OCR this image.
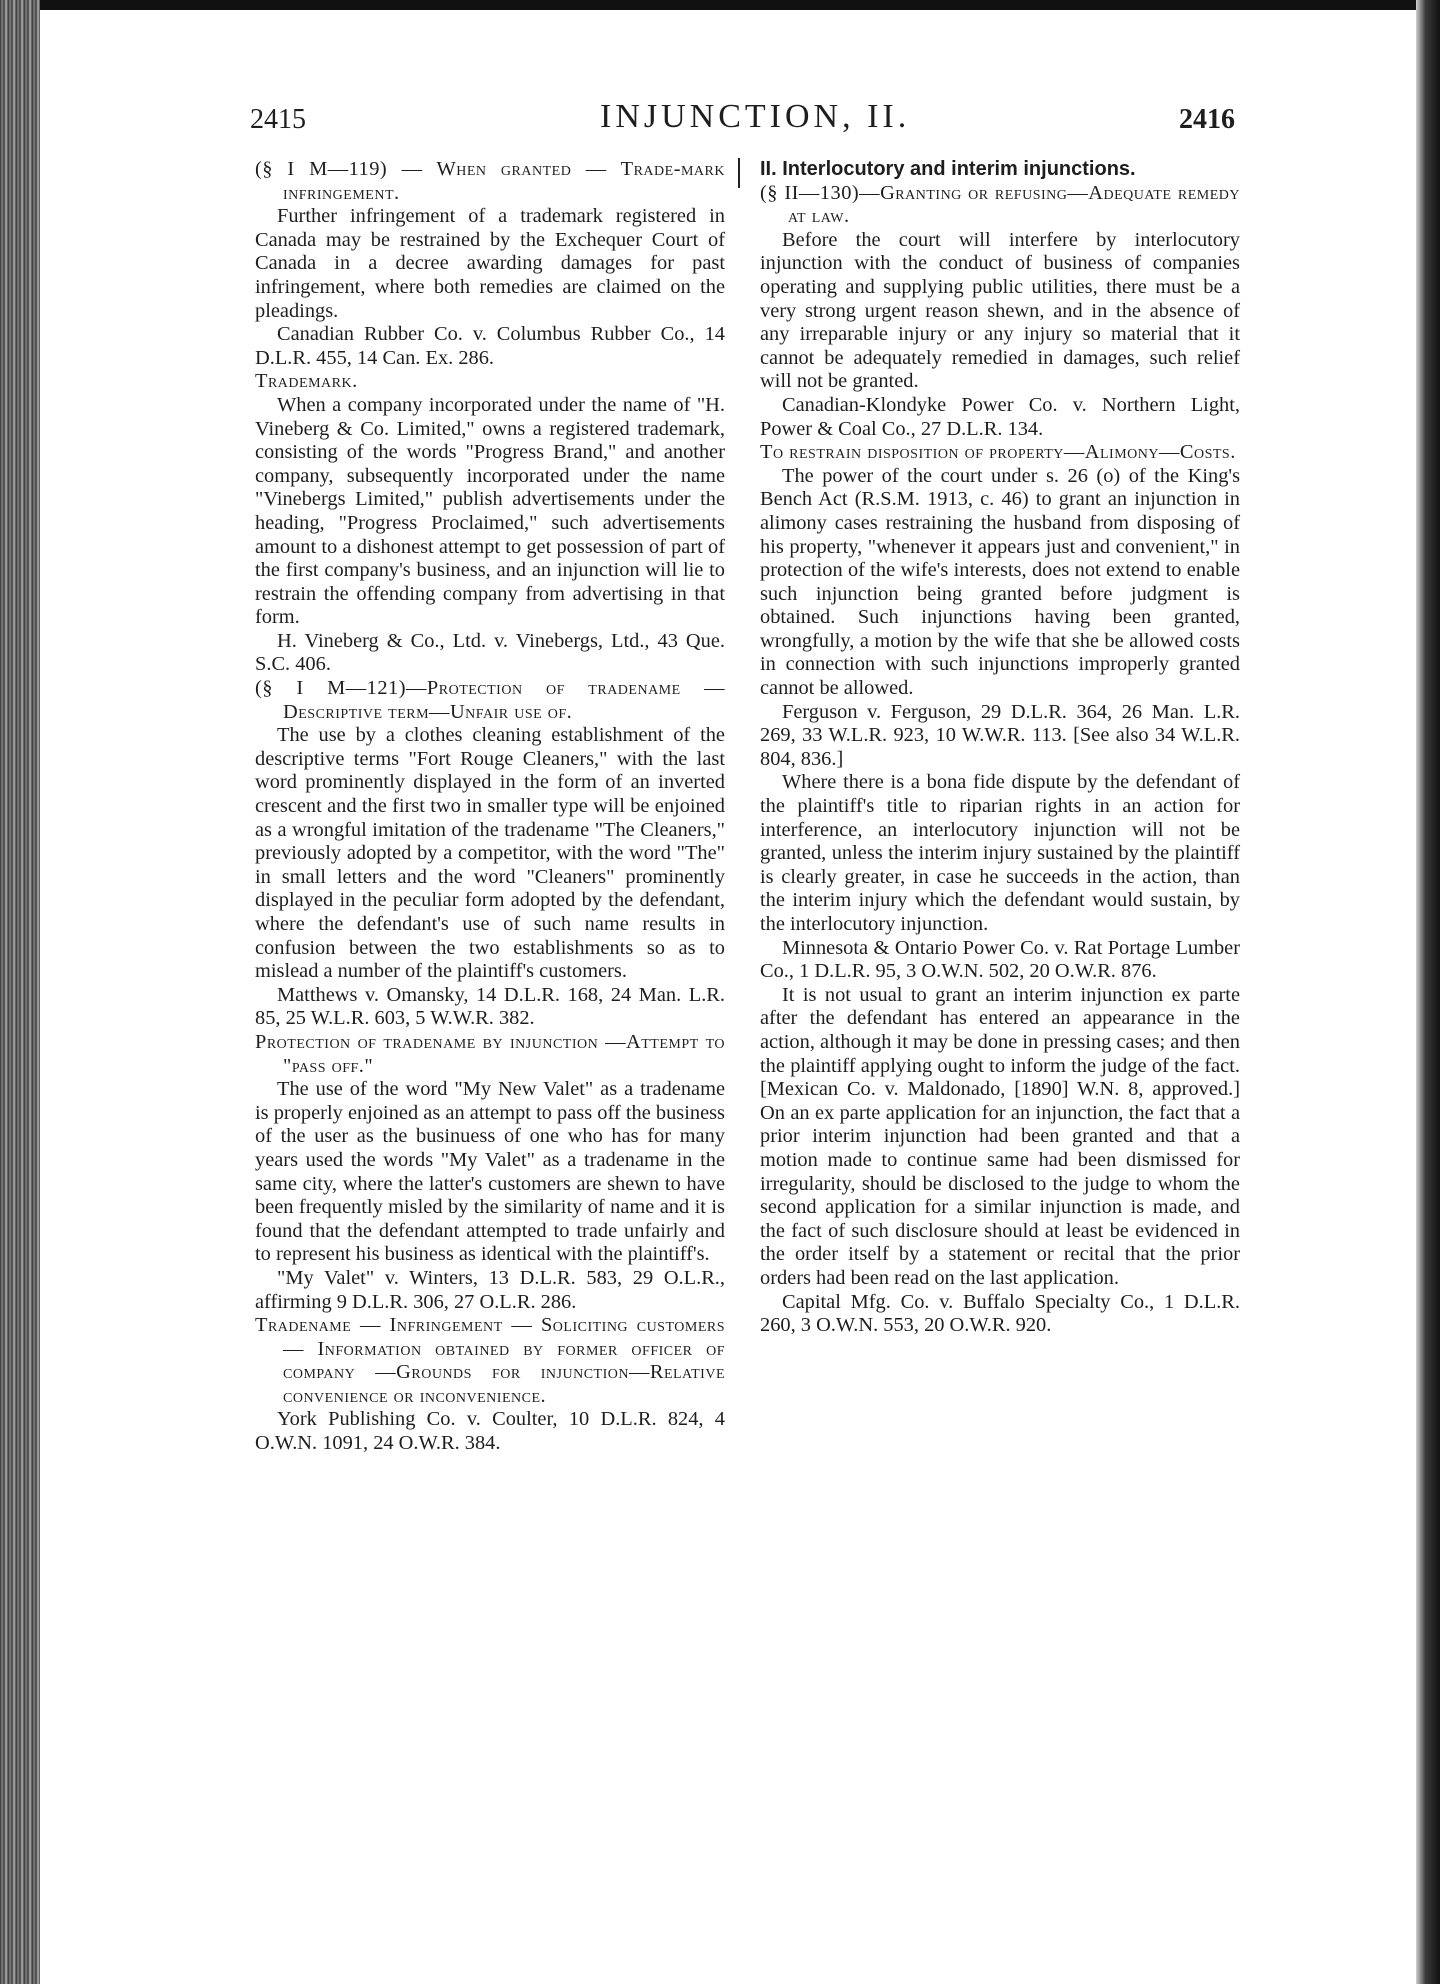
2415	INJUNCTION, II.	2416

(§ I M—119) — When granted — Trade-mark infringement.

Further infringement of a trademark registered in Canada may be restrained by the Exchequer Court of Canada in a decree awarding damages for past infringement, where both remedies are claimed on the pleadings.

Canadian Rubber Co. v. Columbus Rubber Co., 14 D.L.R. 455, 14 Can. Ex. 286.

Trademark.

When a company incorporated under the name of "H. Vineberg & Co. Limited," owns a registered trademark, consisting of the words "Progress Brand," and another company, subsequently incorporated under the name "Vinebergs Limited," publish advertisements under the heading, "Progress Proclaimed," such advertisements amount to a dishonest attempt to get possession of part of the first company's business, and an injunction will lie to restrain the offending company from advertising in that form.

H. Vineberg & Co., Ltd. v. Vinebergs, Ltd., 43 Que. S.C. 406.

(§ I M—121)—Protection of tradename —Descriptive term—Unfair use of.

The use by a clothes cleaning establishment of the descriptive terms "Fort Rouge Cleaners," with the last word prominently displayed in the form of an inverted crescent and the first two in smaller type will be enjoined as a wrongful imitation of the tradename "The Cleaners," previously adopted by a competitor, with the word "The" in small letters and the word "Cleaners" prominently displayed in the peculiar form adopted by the defendant, where the defendant's use of such name results in confusion between the two establishments so as to mislead a number of the plaintiff's customers.

Matthews v. Omansky, 14 D.L.R. 168, 24 Man. L.R. 85, 25 W.L.R. 603, 5 W.W.R. 382.

Protection of tradename by injunction —Attempt to "pass off."

The use of the word "My New Valet" as a tradename is properly enjoined as an attempt to pass off the business of the user as the businuess of one who has for many years used the words "My Valet" as a tradename in the same city, where the latter's customers are shewn to have been frequently misled by the similarity of name and it is found that the defendant attempted to trade unfairly and to represent his business as identical with the plaintiff's.

"My Valet" v. Winters, 13 D.L.R. 583, 29 O.L.R., affirming 9 D.L.R. 306, 27 O.L.R. 286.

Tradename — Infringement — Soliciting customers — Information obtained by former officer of company —Grounds for injunction—Relative convenience or inconvenience.

York Publishing Co. v. Coulter, 10 D.L.R. 824, 4 O.W.N. 1091, 24 O.W.R. 384.

II. Interlocutory and interim injunctions.

(§ II—130)—Granting or refusing—Adequate remedy at law.

Before the court will interfere by interlocutory injunction with the conduct of business of companies operating and supplying public utilities, there must be a very strong urgent reason shewn, and in the absence of any irreparable injury or any injury so material that it cannot be adequately remedied in damages, such relief will not be granted.

Canadian-Klondyke Power Co. v. Northern Light, Power & Coal Co., 27 D.L.R. 134.

To restrain disposition of property—Alimony—Costs.

The power of the court under s. 26 (o) of the King's Bench Act (R.S.M. 1913, c. 46) to grant an injunction in alimony cases restraining the husband from disposing of his property, "whenever it appears just and convenient," in protection of the wife's interests, does not extend to enable such injunction being granted before judgment is obtained. Such injunctions having been granted, wrongfully, a motion by the wife that she be allowed costs in connection with such injunctions improperly granted cannot be allowed.

Ferguson v. Ferguson, 29 D.L.R. 364, 26 Man. L.R. 269, 33 W.L.R. 923, 10 W.W.R. 113. [See also 34 W.L.R. 804, 836.]

Where there is a bona fide dispute by the defendant of the plaintiff's title to riparian rights in an action for interference, an interlocutory injunction will not be granted, unless the interim injury sustained by the plaintiff is clearly greater, in case he succeeds in the action, than the interim injury which the defendant would sustain, by the interlocutory injunction.

Minnesota & Ontario Power Co. v. Rat Portage Lumber Co., 1 D.L.R. 95, 3 O.W.N. 502, 20 O.W.R. 876.

It is not usual to grant an interim injunction ex parte after the defendant has entered an appearance in the action, although it may be done in pressing cases; and then the plaintiff applying ought to inform the judge of the fact. [Mexican Co. v. Maldonado, [1890] W.N. 8, approved.] On an ex parte application for an injunction, the fact that a prior interim injunction had been granted and that a motion made to continue same had been dismissed for irregularity, should be disclosed to the judge to whom the second application for a similar injunction is made, and the fact of such disclosure should at least be evidenced in the order itself by a statement or recital that the prior orders had been read on the last application.

Capital Mfg. Co. v. Buffalo Specialty Co., 1 D.L.R. 260, 3 O.W.N. 553, 20 O.W.R. 920.
